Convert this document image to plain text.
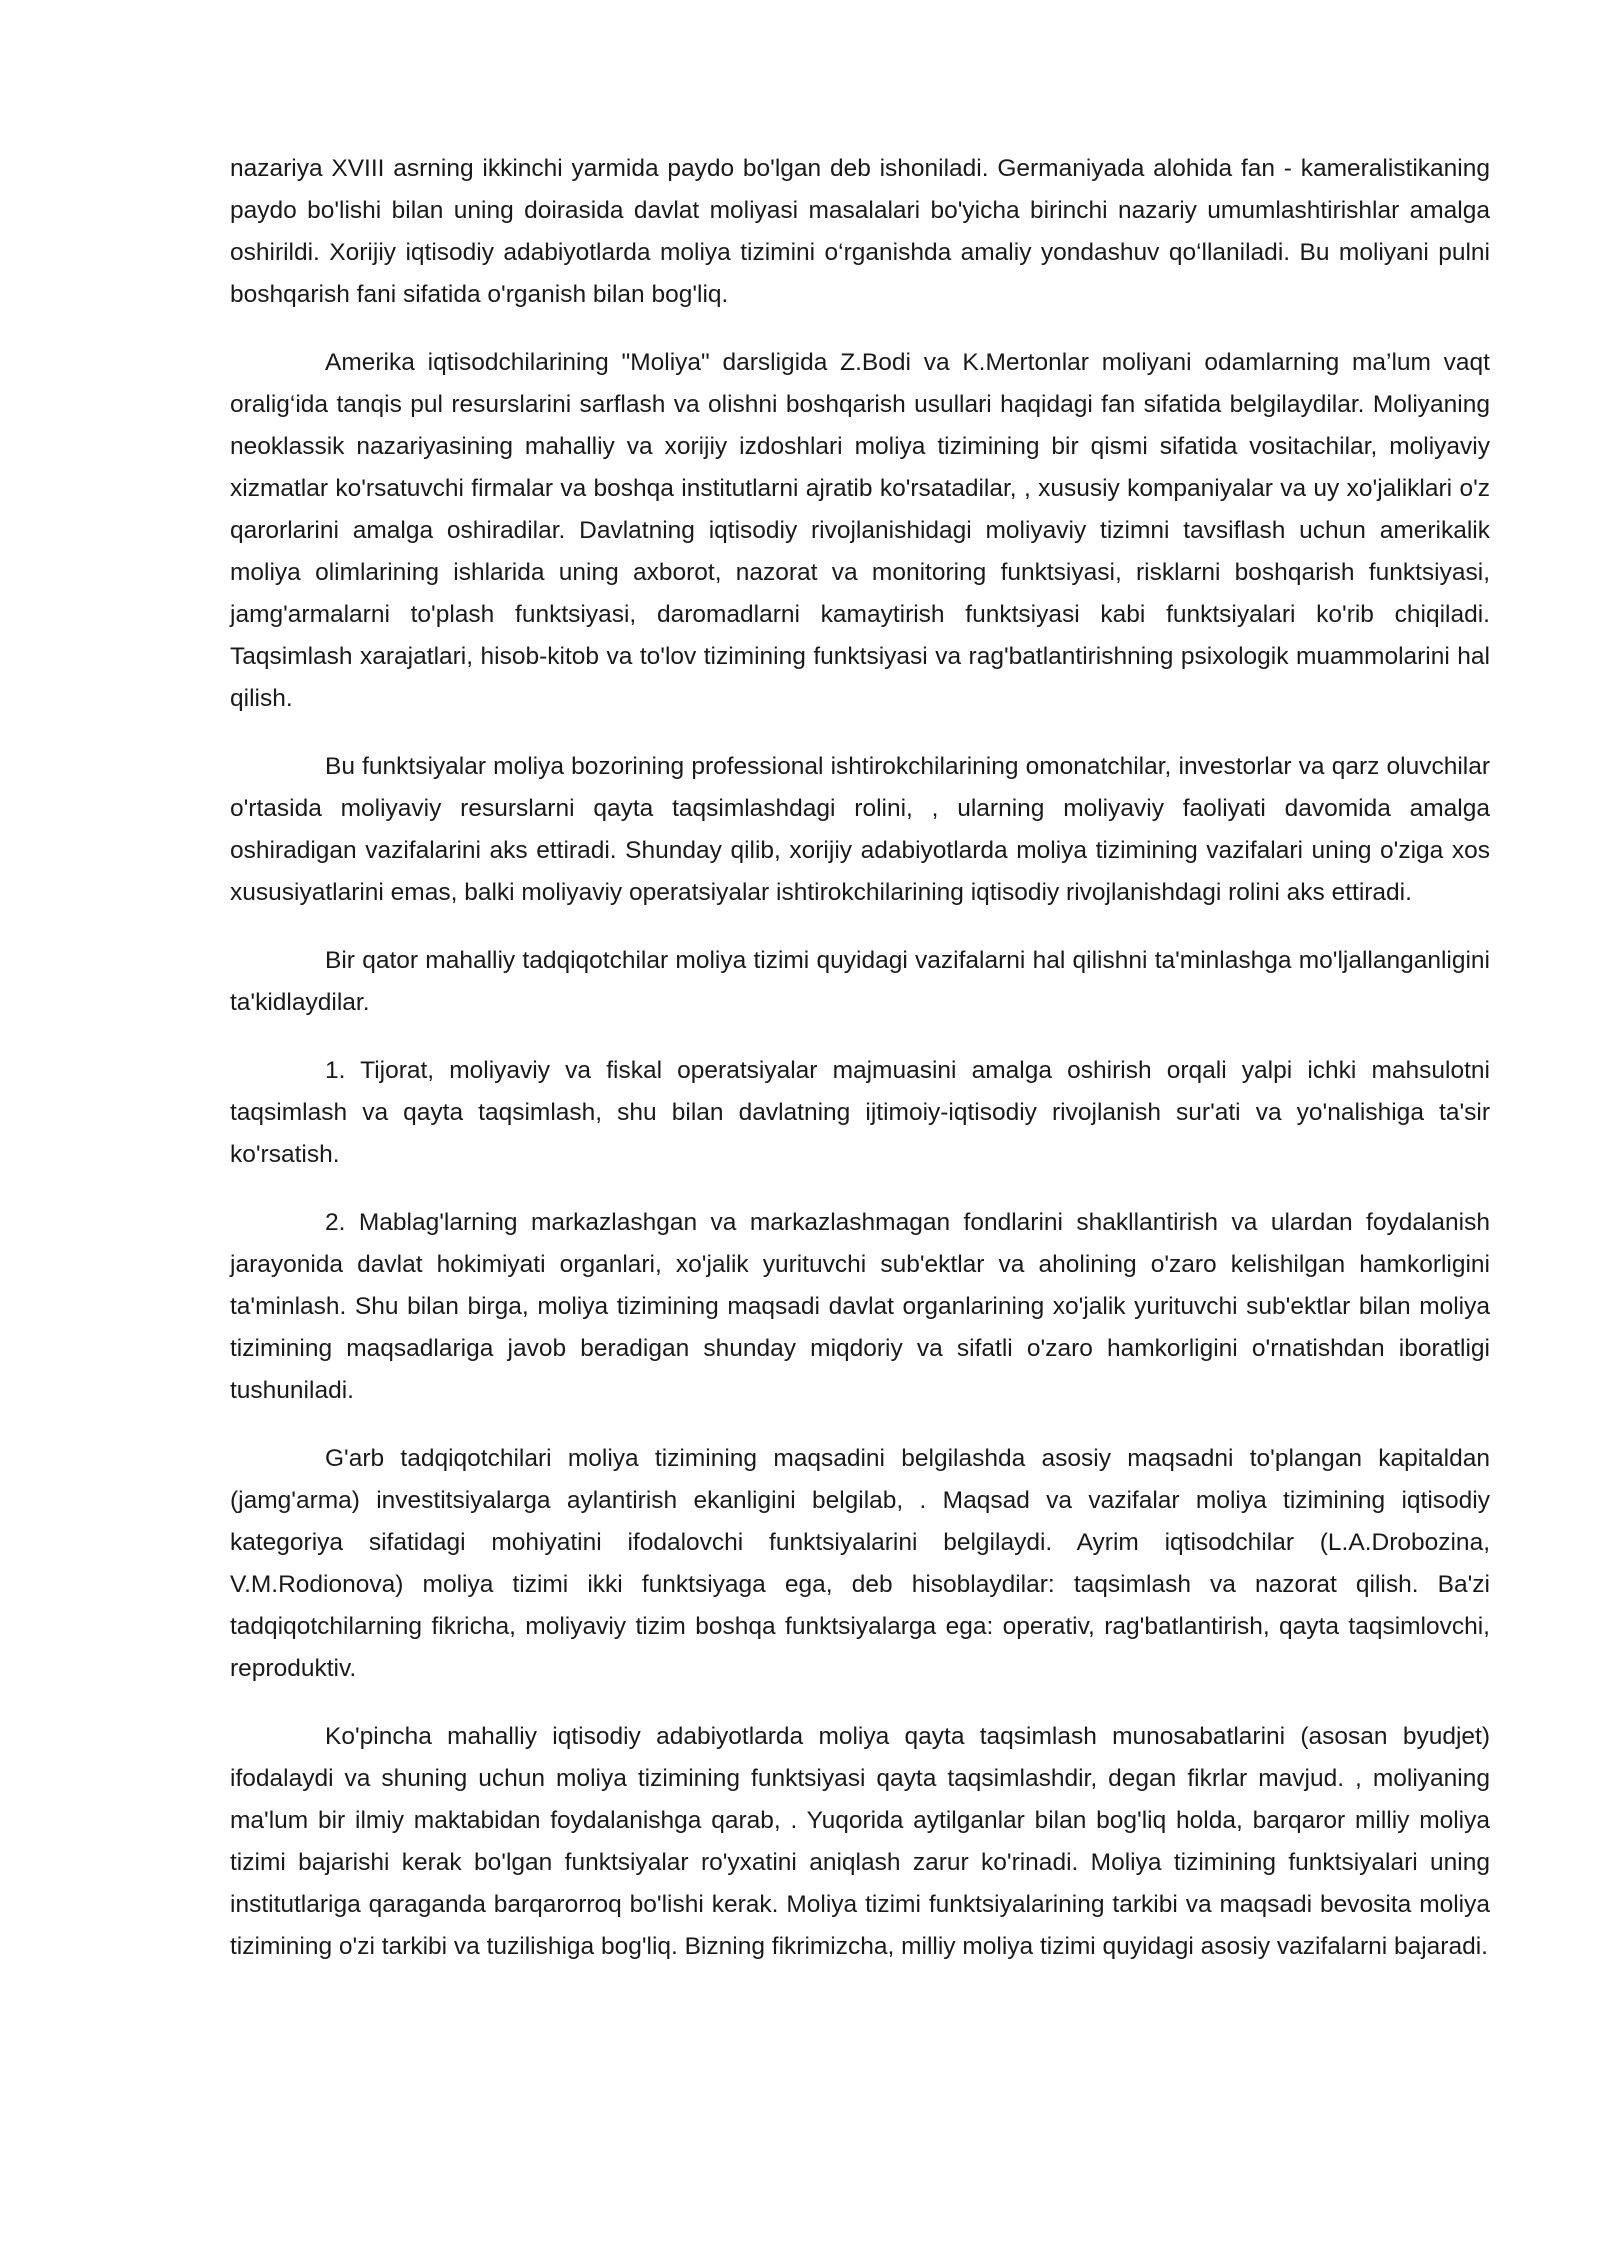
nazariya XVIII asrning ikkinchi yarmida paydo bo'lgan deb ishoniladi. Germaniyada alohida fan - kameralistikaning paydo bo'lishi bilan uning doirasida davlat moliyasi masalalari bo'yicha birinchi nazariy umumlashtirishlar amalga oshirildi. Xorijiy iqtisodiy adabiyotlarda moliya tizimini o‘rganishda amaliy yondashuv qo‘llaniladi. Bu moliyani pulni boshqarish fani sifatida o'rganish bilan bog'liq.

Amerika iqtisodchilarining "Moliya" darsligida Z.Bodi va K.Mertonlar moliyani odamlarning ma’lum vaqt oralig‘ida tanqis pul resurslarini sarflash va olishni boshqarish usullari haqidagi fan sifatida belgilaydilar. Moliyaning neoklassik nazariyasining mahalliy va xorijiy izdoshlari moliya tizimining bir qismi sifatida vositachilar, moliyaviy xizmatlar ko'rsatuvchi firmalar va boshqa institutlarni ajratib ko'rsatadilar, , xususiy kompaniyalar va uy xo'jaliklari o'z qarorlarini amalga oshiradilar. Davlatning iqtisodiy rivojlanishidagi moliyaviy tizimni tavsiflash uchun amerikalik moliya olimlarining ishlarida uning axborot, nazorat va monitoring funktsiyasi, risklarni boshqarish funktsiyasi, jamg'armalarni to'plash funktsiyasi, daromadlarni kamaytirish funktsiyasi kabi funktsiyalari ko'rib chiqiladi. Taqsimlash xarajatlari, hisob-kitob va to'lov tizimining funktsiyasi va rag'batlantirishning psixologik muammolarini hal qilish.

Bu funktsiyalar moliya bozorining professional ishtirokchilarining omonatchilar, investorlar va qarz oluvchilar o'rtasida moliyaviy resurslarni qayta taqsimlashdagi rolini, , ularning moliyaviy faoliyati davomida amalga oshiradigan vazifalarini aks ettiradi. Shunday qilib, xorijiy adabiyotlarda moliya tizimining vazifalari uning o'ziga xos xususiyatlarini emas, balki moliyaviy operatsiyalar ishtirokchilarining iqtisodiy rivojlanishdagi rolini aks ettiradi.

Bir qator mahalliy tadqiqotchilar moliya tizimi quyidagi vazifalarni hal qilishni ta'minlashga mo'ljallanganligini ta'kidlaydilar.

1. Tijorat, moliyaviy va fiskal operatsiyalar majmuasini amalga oshirish orqali yalpi ichki mahsulotni taqsimlash va qayta taqsimlash, shu bilan davlatning ijtimoiy-iqtisodiy rivojlanish sur'ati va yo'nalishiga ta'sir ko'rsatish.

2. Mablag'larning markazlashgan va markazlashmagan fondlarini shakllantirish va ulardan foydalanish jarayonida davlat hokimiyati organlari, xo'jalik yurituvchi sub'ektlar va aholining o'zaro kelishilgan hamkorligini ta'minlash. Shu bilan birga, moliya tizimining maqsadi davlat organlarining xo'jalik yurituvchi sub'ektlar bilan moliya tizimining maqsadlariga javob beradigan shunday miqdoriy va sifatli o'zaro hamkorligini o'rnatishdan iboratligi tushuniladi.

G'arb tadqiqotchilari moliya tizimining maqsadini belgilashda asosiy maqsadni to'plangan kapitaldan (jamg'arma) investitsiyalarga aylantirish ekanligini belgilab, . Maqsad va vazifalar moliya tizimining iqtisodiy kategoriya sifatidagi mohiyatini ifodalovchi funktsiyalarini belgilaydi. Ayrim iqtisodchilar (L.A.Drobozina, V.M.Rodionova) moliya tizimi ikki funktsiyaga ega, deb hisoblaydilar: taqsimlash va nazorat qilish. Ba'zi tadqiqotchilarning fikricha, moliyaviy tizim boshqa funktsiyalarga ega: operativ, rag'batlantirish, qayta taqsimlovchi, reproduktiv.

Ko'pincha mahalliy iqtisodiy adabiyotlarda moliya qayta taqsimlash munosabatlarini (asosan byudjet) ifodalaydi va shuning uchun moliya tizimining funktsiyasi qayta taqsimlashdir, degan fikrlar mavjud. , moliyaning ma'lum bir ilmiy maktabidan foydalanishga qarab, . Yuqorida aytilganlar bilan bog'liq holda, barqaror milliy moliya tizimi bajarishi kerak bo'lgan funktsiyalar ro'yxatini aniqlash zarur ko'rinadi. Moliya tizimining funktsiyalari uning institutlariga qaraganda barqarorroq bo'lishi kerak. Moliya tizimi funktsiyalarining tarkibi va maqsadi bevosita moliya tizimining o'zi tarkibi va tuzilishiga bog'liq. Bizning fikrimizcha, milliy moliya tizimi quyidagi asosiy vazifalarni bajaradi.
